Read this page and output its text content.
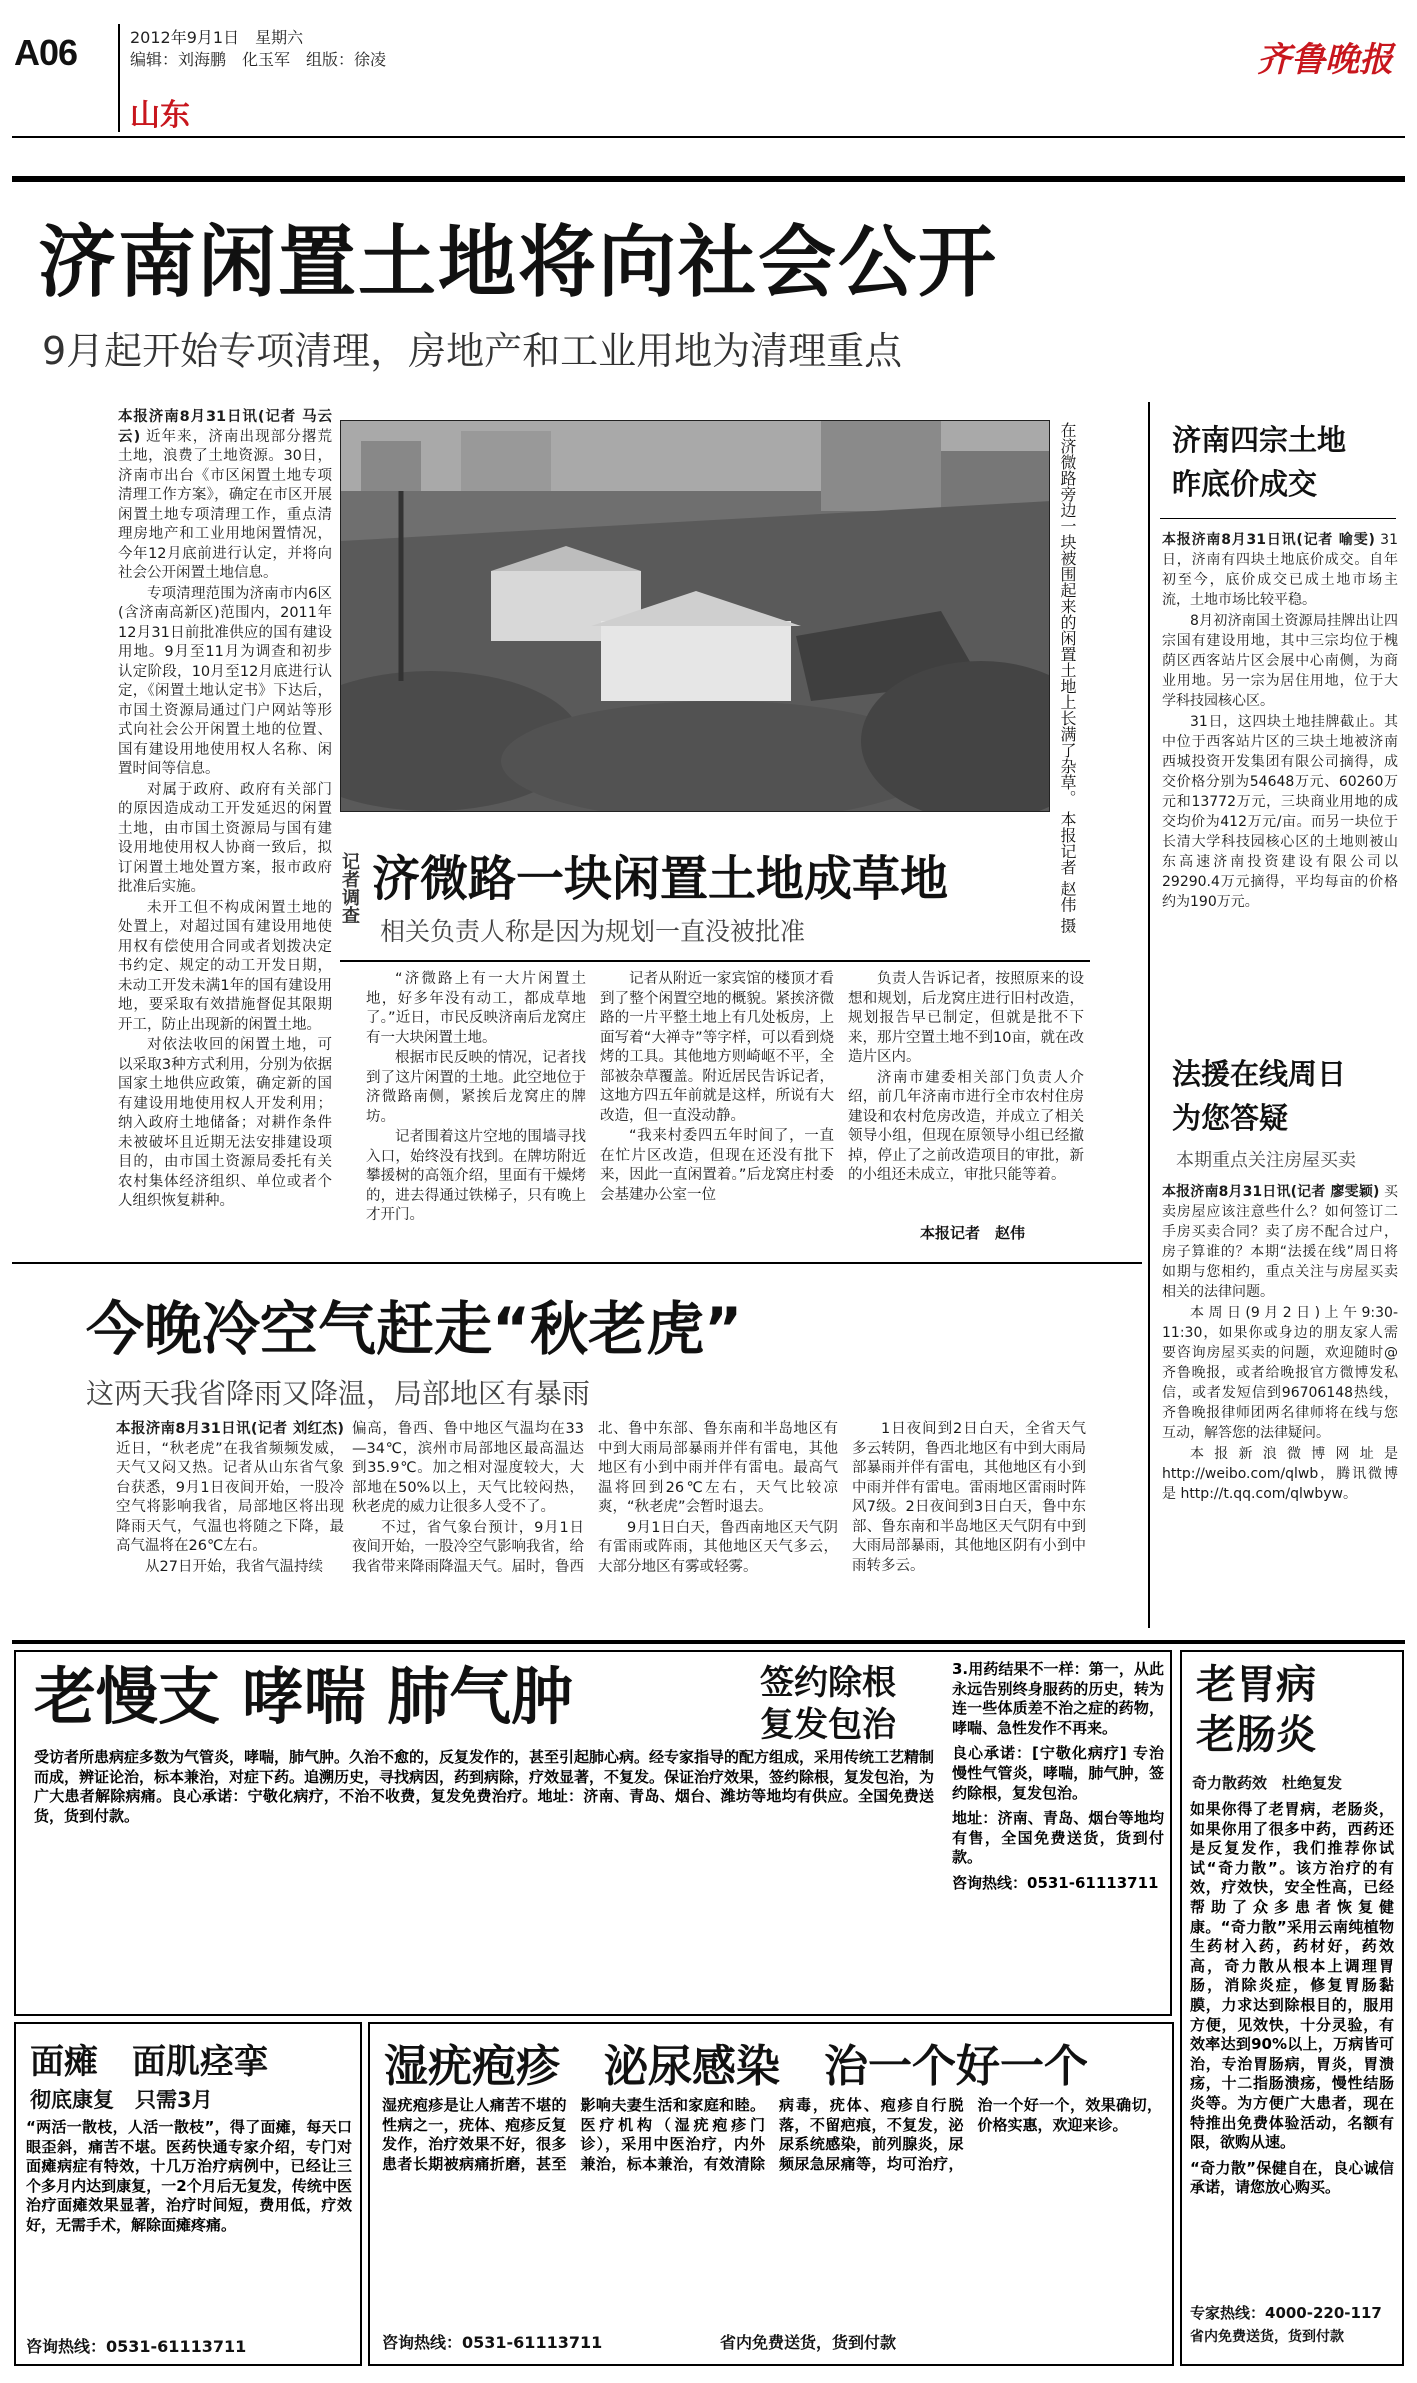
A06	2012年9月1日　星期六
编辑：刘海鹏　化玉军　组版：徐凌
山东
齐鲁晚报
济南闲置土地将向社会公开
9月起开始专项清理，房地产和工业用地为清理重点

本报济南8月31日讯(记者 马云云) 近年来，济南出现部分撂荒土地，浪费了土地资源。30日，济南市出台《市区闲置土地专项清理工作方案》，确定在市区开展闲置土地专项清理工作，重点清理房地产和工业用地闲置情况，今年12月底前进行认定，并将向社会公开闲置土地信息。

专项清理范围为济南市内6区(含济南高新区)范围内，2011年12月31日前批准供应的国有建设用地。9月至11月为调查和初步认定阶段，10月至12月底进行认定，《闲置土地认定书》下达后，市国土资源局通过门户网站等形式向社会公开闲置土地的位置、国有建设用地使用权人名称、闲置时间等信息。

对属于政府、政府有关部门的原因造成动工开发延迟的闲置土地，由市国土资源局与国有建设用地使用权人协商一致后，拟订闲置土地处置方案，报市政府批准后实施。

未开工但不构成闲置土地的处置上，对超过国有建设用地使用权有偿使用合同或者划拨决定书约定、规定的动工开发日期，未动工开发未满1年的国有建设用地，要采取有效措施督促其限期开工，防止出现新的闲置土地。

对依法收回的闲置土地，可以采取3种方式利用，分别为依据国家土地供应政策，确定新的国有建设用地使用权人开发利用；纳入政府土地储备；对耕作条件未被破坏且近期无法安排建设项目的，由市国土资源局委托有关农村集体经济组织、单位或者个人组织恢复耕种。

在济微路旁边一块被围起来的闲置土地上长满了杂草。 本报记者 赵伟 摄
记者调查 济微路一块闲置土地成草地
相关负责人称是因为规划一直没被批准

“济微路上有一大片闲置土地，好多年没有动工，都成草地了。”近日，市民反映济南后龙窝庄有一大块闲置土地。

根据市民反映的情况，记者找到了这片闲置的土地。此空地位于济微路南侧，紧挨后龙窝庄的牌坊。

记者围着这片空地的围墙寻找入口，始终没有找到。在牌坊附近攀援树的高瓴介绍，里面有干燥烤的，进去得通过铁梯子，只有晚上才开门。

记者从附近一家宾馆的楼顶才看到了整个闲置空地的概貌。紧挨济微路的一片平整土地上有几处板房，上面写着“大禅寺”等字样，可以看到烧烤的工具。其他地方则崎岖不平，全部被杂草覆盖。附近居民告诉记者，这地方四五年前就是这样，所说有大改造，但一直没动静。

“我来村委四五年时间了，一直在忙片区改造，但现在还没有批下来，因此一直闲置着。”后龙窝庄村委会基建办公室一位

负责人告诉记者，按照原来的设想和规划，后龙窝庄进行旧村改造，规划报告早已制定，但就是批不下来，那片空置土地不到10亩，就在改造片区内。

济南市建委相关部门负责人介绍，前几年济南市进行全市农村住房建设和农村危房改造，并成立了相关领导小组，但现在原领导小组已经撤掉，停止了之前改造项目的审批，新的小组还未成立，审批只能等着。

本报记者　赵伟
济南四宗土地
昨底价成交

本报济南8月31日讯(记者 喻雯) 31日，济南有四块土地底价成交。自年初至今，底价成交已成土地市场主流，土地市场比较平稳。

8月初济南国土资源局挂牌出让四宗国有建设用地，其中三宗均位于槐荫区西客站片区会展中心南侧，为商业用地。另一宗为居住用地，位于大学科技园核心区。

31日，这四块土地挂牌截止。其中位于西客站片区的三块土地被济南西城投资开发集团有限公司摘得，成交价格分别为54648万元、60260万元和13772万元，三块商业用地的成交均价为412万元/亩。而另一块位于长清大学科技园核心区的土地则被山东高速济南投资建设有限公司以29290.4万元摘得，平均每亩的价格约为190万元。

法援在线周日
为您答疑
本期重点关注房屋买卖

本报济南8月31日讯(记者 廖雯颖) 买卖房屋应该注意些什么？如何签订二手房买卖合同？卖了房不配合过户，房子算谁的？本期“法援在线”周日将如期与您相约，重点关注与房屋买卖相关的法律问题。

本周日(9月2日)上午9:30-11:30，如果你或身边的朋友家人需要咨询房屋买卖的问题，欢迎随时@齐鲁晚报，或者给晚报官方微博发私信，或者发短信到96706148热线，齐鲁晚报律师团两名律师将在线与您互动，解答您的法律疑问。

本报新浪微博网址是 http://weibo.com/qlwb，腾讯微博是 http://t.qq.com/qlwbyw。

今晚冷空气赶走“秋老虎”
这两天我省降雨又降温，局部地区有暴雨

本报济南8月31日讯(记者 刘红杰) 近日，“秋老虎”在我省频频发威，天气又闷又热。记者从山东省气象台获悉，9月1日夜间开始，一股冷空气将影响我省，局部地区将出现降雨天气，气温也将随之下降，最高气温将在26℃左右。

从27日开始，我省气温持续

偏高，鲁西、鲁中地区气温均在33—34℃，滨州市局部地区最高温达到35.9℃。加之相对湿度较大，大部地在50%以上，天气比较闷热，秋老虎的威力让很多人受不了。

不过，省气象台预计，9月1日夜间开始，一股冷空气影响我省，给我省带来降雨降温天气。届时，鲁西

北、鲁中东部、鲁东南和半岛地区有中到大雨局部暴雨并伴有雷电，其他地区有小到中雨并伴有雷电。最高气温将回到26℃左右，天气比较凉爽，“秋老虎”会暂时退去。

9月1日白天，鲁西南地区天气阴有雷雨或阵雨，其他地区天气多云，大部分地区有雾或轻雾。

1日夜间到2日白天，全省天气多云转阴，鲁西北地区有中到大雨局部暴雨并伴有雷电，其他地区有小到中雨并伴有雷电。雷雨地区雷雨时阵风7级。2日夜间到3日白天，鲁中东部、鲁东南和半岛地区天气阴有中到大雨局部暴雨，其他地区阴有小到中雨转多云。

老慢支 哮喘 肺气肿	签约除根
复发包治
受访者所患病症多数为气管炎，哮喘，肺气肿。久治不愈的，反复发作的，甚至引起肺心病。经专家指导的配方组成，采用传统工艺精制而成，辨证论治，标本兼治，对症下药。追溯历史，寻找病因，药到病除，疗效显著，不复发。保证治疗效果，签约除根，复发包治，为广大患者解除病痛。良心承诺：宁敬化病疗，不治不收费，复发免费治疗。地址：济南、青岛、烟台、潍坊等地均有供应。全国免费送货，货到付款。
3.用药结果不一样：第一，从此永远告别终身服药的历史，转为连一些体质差不治之症的药物，哮喘、急性发作不再来。
良心承诺：[宁敬化病疗] 专治慢性气管炎，哮喘，肺气肿，签约除根，复发包治。
地址：济南、青岛、烟台等地均有售，全国免费送货，货到付款。
咨询热线：0531-61113711
老胃病
老肠炎
奇力散药效　杜绝复发
如果你得了老胃病，老肠炎，如果你用了很多中药，西药还是反复发作，我们推荐你试试“奇力散”。该方治疗的有效，疗效快，安全性高，已经帮助了众多患者恢复健康。“奇力散”采用云南纯植物生药材入药，药材好，药效高，奇力散从根本上调理胃肠，消除炎症，修复胃肠黏膜，力求达到除根目的，服用方便，见效快，十分灵验，有效率达到90%以上，万病皆可治，专治胃肠病，胃炎，胃溃疡，十二指肠溃疡，慢性结肠炎等。为方便广大患者，现在特推出免费体验活动，名额有限，欲购从速。
“奇力散”保健自在，良心诚信承诺，请您放心购买。
专家热线：4000-220-117
省内免费送货，货到付款
面瘫　面肌痉挛
彻底康复　只需3月
“两活一散枝，人活一散枝”，得了面瘫，每天口眼歪斜，痛苦不堪。医药快通专家介绍，专门对面瘫病症有特效，十几万治疗病例中，已经让三个多月内达到康复，一2个月后无复发，传统中医治疗面瘫效果显著，治疗时间短，费用低，疗效好，无需手术，解除面瘫疼痛。
咨询热线：0531-61113711
湿疣疱疹　泌尿感染　治一个好一个
湿疣疱疹是让人痛苦不堪的性病之一，疣体、疱疹反复发作，治疗效果不好，很多患者长期被病痛折磨，甚至影响夫妻生活和家庭和睦。医疗机构（湿疣疱疹门诊），采用中医治疗，内外兼治，标本兼治，有效清除病毒，疣体、疱疹自行脱落，不留疤痕，不复发，泌尿系统感染，前列腺炎，尿频尿急尿痛等，均可治疗，治一个好一个，效果确切，价格实惠，欢迎来诊。
咨询热线：0531-61113711	省内免费送货，货到付款
